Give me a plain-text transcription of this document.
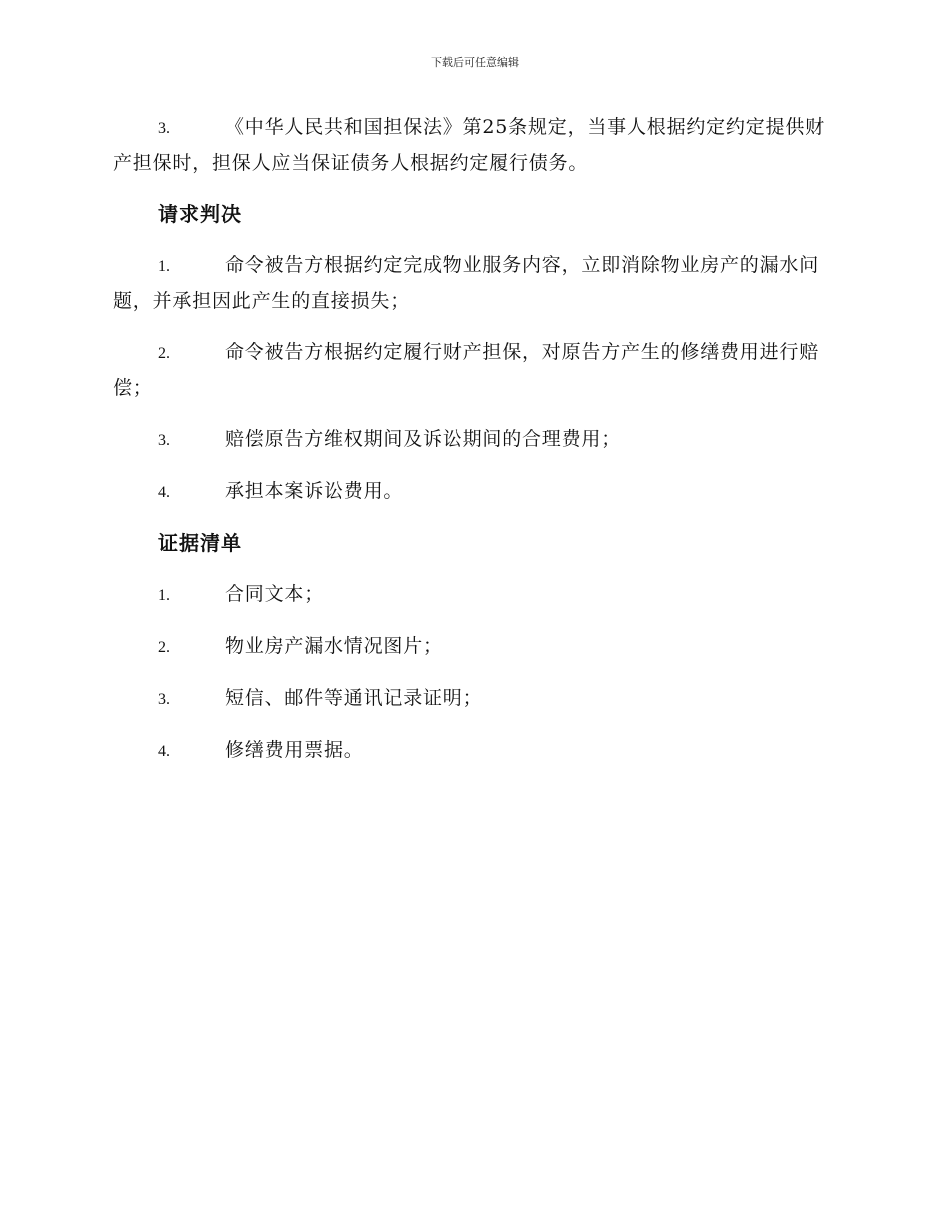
下载后可任意编辑

3.	《中华人民共和国担保法》第25条规定，当事人根据约定约定提供财产担保时，担保人应当保证债务人根据约定履行债务。

请求判决

1.	命令被告方根据约定完成物业服务内容，立即消除物业房产的漏水问题，并承担因此产生的直接损失；

2.	命令被告方根据约定履行财产担保，对原告方产生的修缮费用进行赔偿；

3.	赔偿原告方维权期间及诉讼期间的合理费用；

4.	承担本案诉讼费用。

证据清单

1.	合同文本；

2.	物业房产漏水情况图片；

3.	短信、邮件等通讯记录证明；

4.	修缮费用票据。
